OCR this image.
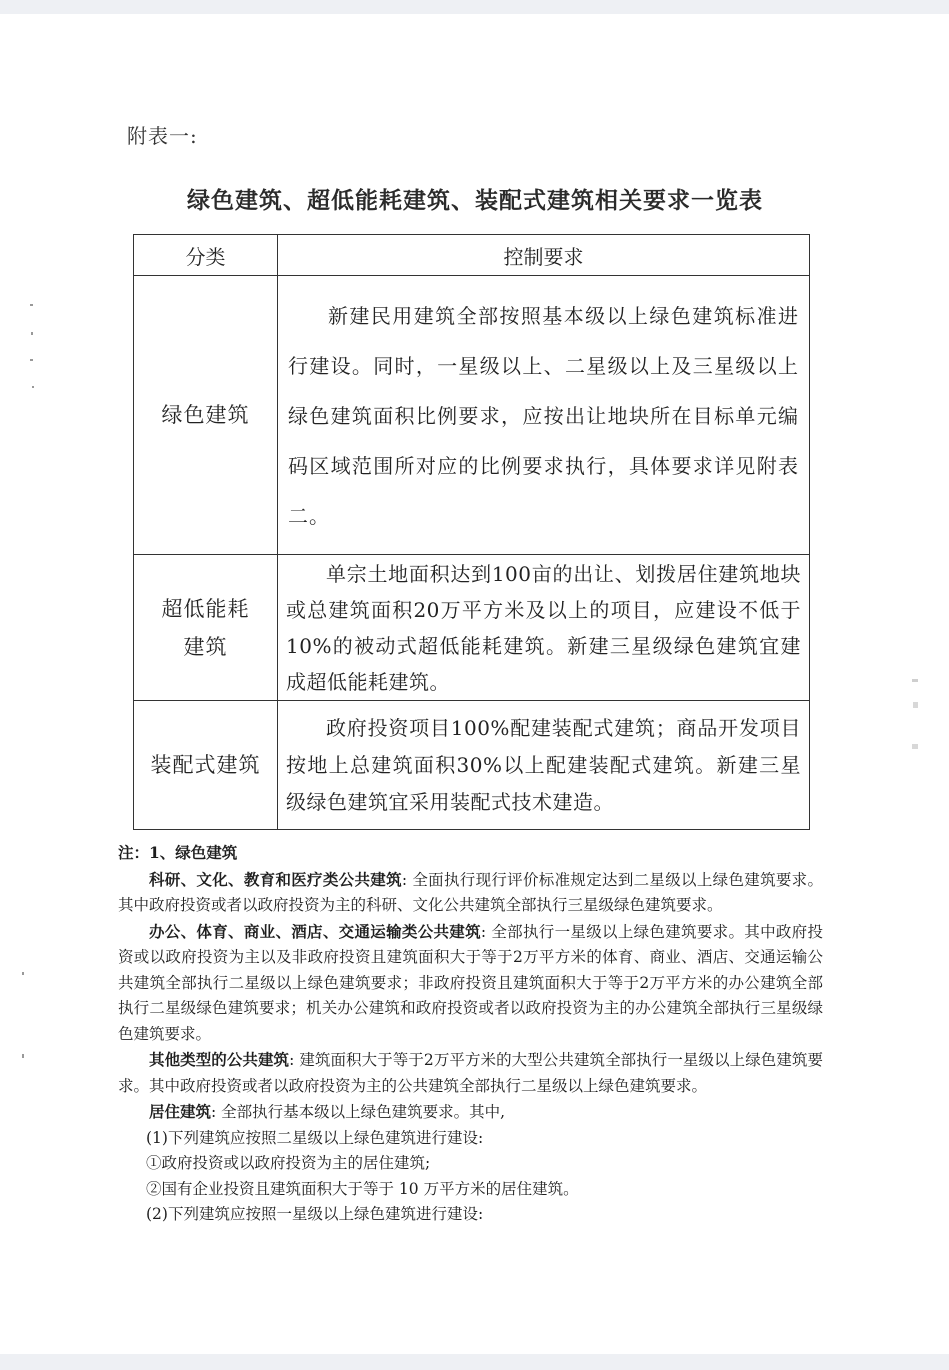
附表一:
绿色建筑、超低能耗建筑、装配式建筑相关要求一览表
分类	控制要求
绿色建筑	新建民用建筑全部按照基本级以上绿色建筑标准进行建设。同时，一星级以上、二星级以上及三星级以上绿色建筑面积比例要求，应按出让地块所在目标单元编码区域范围所对应的比例要求执行，具体要求详见附表二。

超低能耗
建筑	单宗土地面积达到100亩的出让、划拨居住建筑地块或总建筑面积20万平方米及以上的项目，应建设不低于10%的被动式超低能耗建筑。新建三星级绿色建筑宜建成超低能耗建筑。
装配式建筑	政府投资项目100%配建装配式建筑；商品开发项目按地上总建筑面积30%以上配建装配式建筑。新建三星级绿色建筑宜采用装配式技术建造。

注：1、绿色建筑

科研、文化、教育和医疗类公共建筑: 全面执行现行评价标准规定达到二星级以上绿色建筑要求。其中政府投资或者以政府投资为主的科研、文化公共建筑全部执行三星级绿色建筑要求。

办公、体育、商业、酒店、交通运输类公共建筑: 全部执行一星级以上绿色建筑要求。其中政府投资或以政府投资为主以及非政府投资且建筑面积大于等于2万平方米的体育、商业、酒店、交通运输公共建筑全部执行二星级以上绿色建筑要求；非政府投资且建筑面积大于等于2万平方米的办公建筑全部执行二星级绿色建筑要求；机关办公建筑和政府投资或者以政府投资为主的办公建筑全部执行三星级绿色建筑要求。

其他类型的公共建筑: 建筑面积大于等于2万平方米的大型公共建筑全部执行一星级以上绿色建筑要求。其中政府投资或者以政府投资为主的公共建筑全部执行二星级以上绿色建筑要求。

居住建筑: 全部执行基本级以上绿色建筑要求。其中,

(1)下列建筑应按照二星级以上绿色建筑进行建设:

①政府投资或以政府投资为主的居住建筑;

②国有企业投资且建筑面积大于等于 10 万平方米的居住建筑。

(2)下列建筑应按照一星级以上绿色建筑进行建设:
